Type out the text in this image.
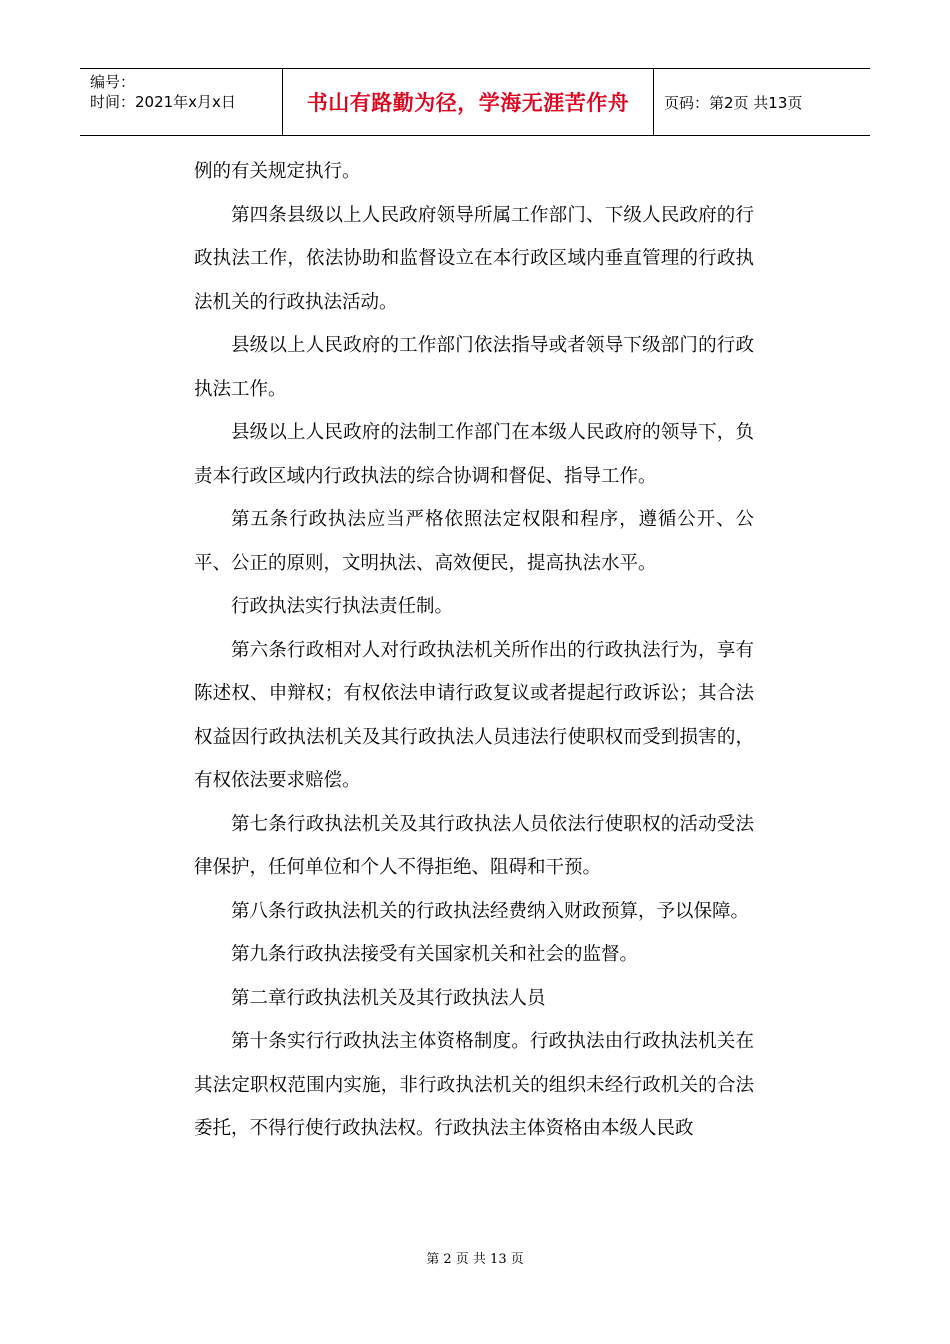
编号：
时间：2021年x月x日	书山有路勤为径，学海无涯苦作舟	页码：第2页 共13页

例的有关规定执行。

第四条县级以上人民政府领导所属工作部门、下级人民政府的行政执法工作，依法协助和监督设立在本行政区域内垂直管理的行政执法机关的行政执法活动。

县级以上人民政府的工作部门依法指导或者领导下级部门的行政执法工作。

县级以上人民政府的法制工作部门在本级人民政府的领导下，负责本行政区域内行政执法的综合协调和督促、指导工作。

第五条行政执法应当严格依照法定权限和程序，遵循公开、公平、公正的原则，文明执法、高效便民，提高执法水平。

行政执法实行执法责任制。

第六条行政相对人对行政执法机关所作出的行政执法行为，享有陈述权、申辩权；有权依法申请行政复议或者提起行政诉讼；其合法权益因行政执法机关及其行政执法人员违法行使职权而受到损害的，有权依法要求赔偿。

第七条行政执法机关及其行政执法人员依法行使职权的活动受法律保护，任何单位和个人不得拒绝、阻碍和干预。

第八条行政执法机关的行政执法经费纳入财政预算，予以保障。

第九条行政执法接受有关国家机关和社会的监督。

第二章行政执法机关及其行政执法人员

第十条实行行政执法主体资格制度。行政执法由行政执法机关在其法定职权范围内实施，非行政执法机关的组织未经行政机关的合法委托，不得行使行政执法权。行政执法主体资格由本级人民政

第 2 页 共 13 页
